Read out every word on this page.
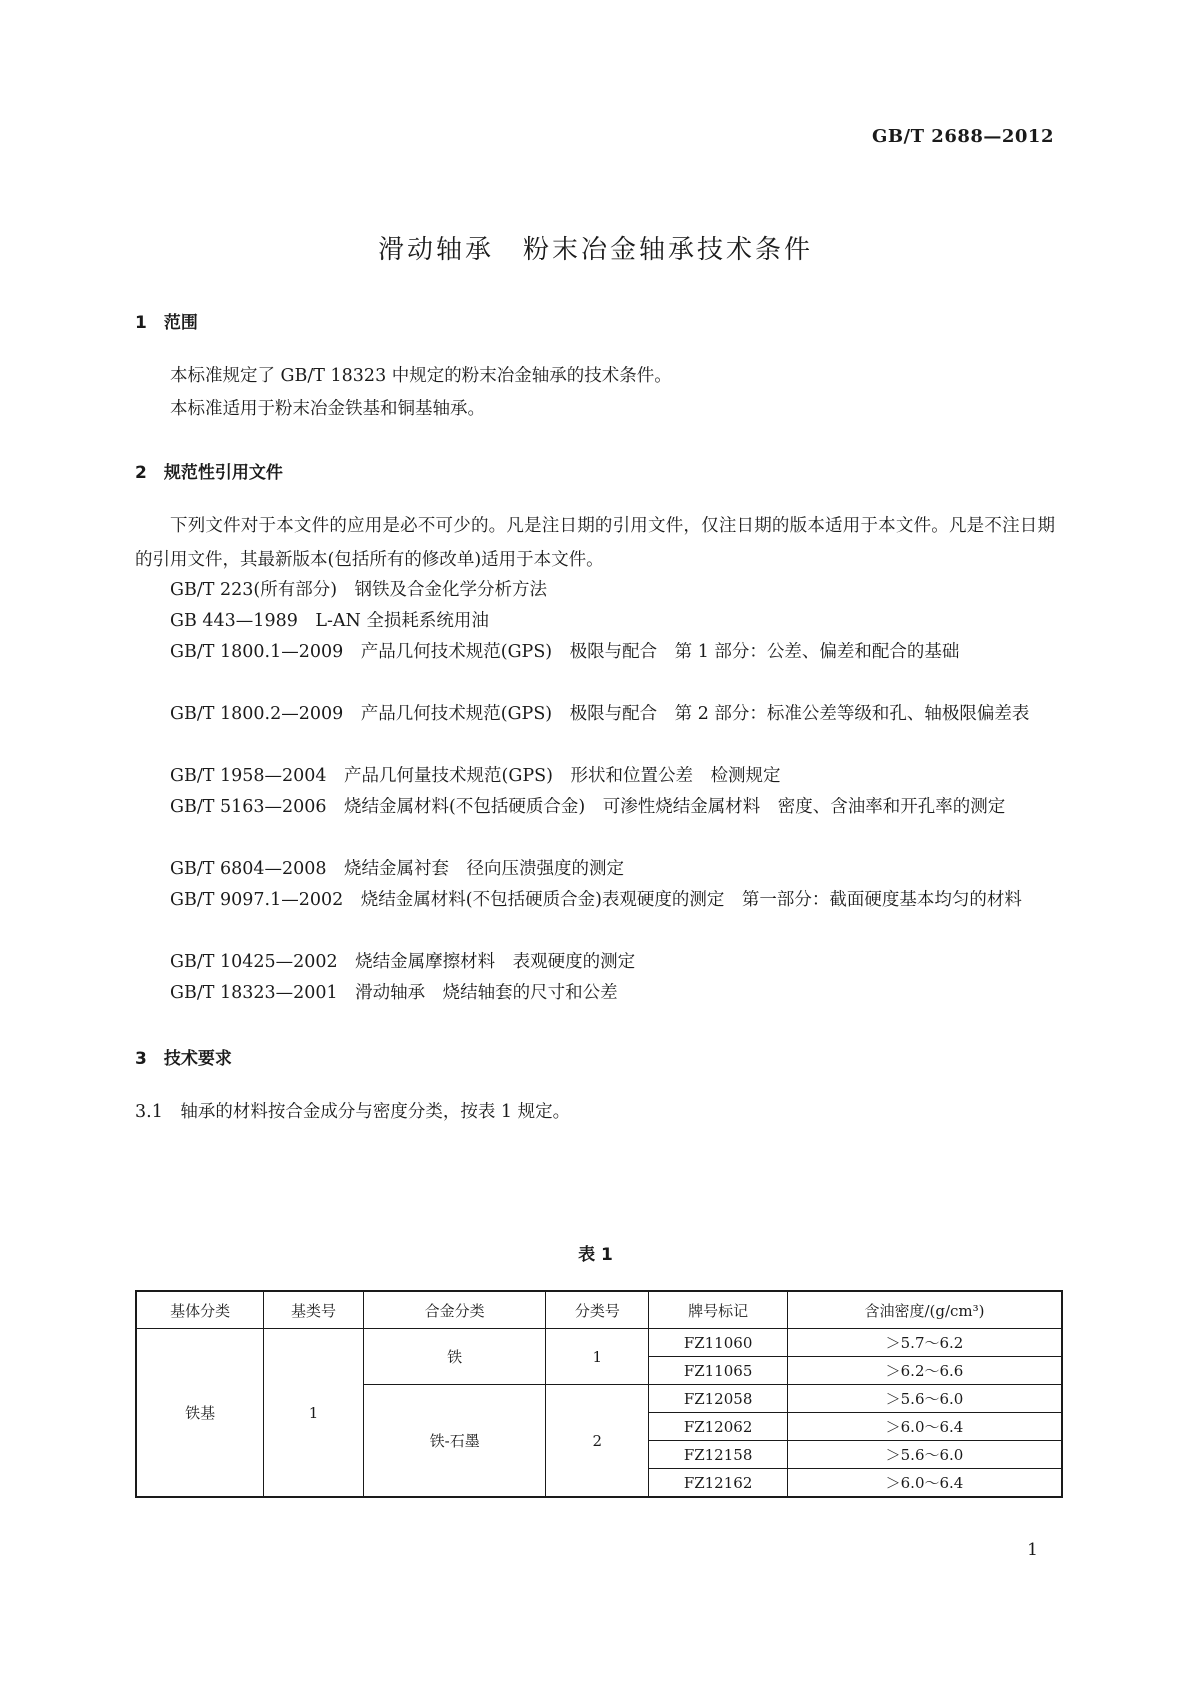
GB/T 2688—2012
滑动轴承　粉末冶金轴承技术条件
1　范围

本标准规定了 GB/T 18323 中规定的粉末冶金轴承的技术条件。

本标准适用于粉末冶金铁基和铜基轴承。

2　规范性引用文件

下列文件对于本文件的应用是必不可少的。凡是注日期的引用文件，仅注日期的版本适用于本文件。凡是不注日期的引用文件，其最新版本(包括所有的修改单)适用于本文件。

GB/T 223(所有部分)　钢铁及合金化学分析方法

GB 443—1989　L-AN 全损耗系统用油

GB/T 1800.1—2009　产品几何技术规范(GPS)　极限与配合　第 1 部分：公差、偏差和配合的基础

GB/T 1800.2—2009　产品几何技术规范(GPS)　极限与配合　第 2 部分：标准公差等级和孔、轴极限偏差表

GB/T 1958—2004　产品几何量技术规范(GPS)　形状和位置公差　检测规定

GB/T 5163—2006　烧结金属材料(不包括硬质合金)　可渗性烧结金属材料　密度、含油率和开孔率的测定

GB/T 6804—2008　烧结金属衬套　径向压溃强度的测定

GB/T 9097.1—2002　烧结金属材料(不包括硬质合金)表观硬度的测定　第一部分：截面硬度基本均匀的材料

GB/T 10425—2002　烧结金属摩擦材料　表观硬度的测定

GB/T 18323—2001　滑动轴承　烧结轴套的尺寸和公差

3　技术要求

3.1　轴承的材料按合金成分与密度分类，按表 1 规定。

表 1
基体分类	基类号	合金分类	分类号	牌号标记	含油密度/(g/cm³)
铁基	1	铁	1	FZ11060	＞5.7～6.2
				FZ11065	＞6.2～6.6
		铁-石墨	2	FZ12058	＞5.6～6.0
				FZ12062	＞6.0～6.4
				FZ12158	＞5.6～6.0
				FZ12162	＞6.0～6.4
1
